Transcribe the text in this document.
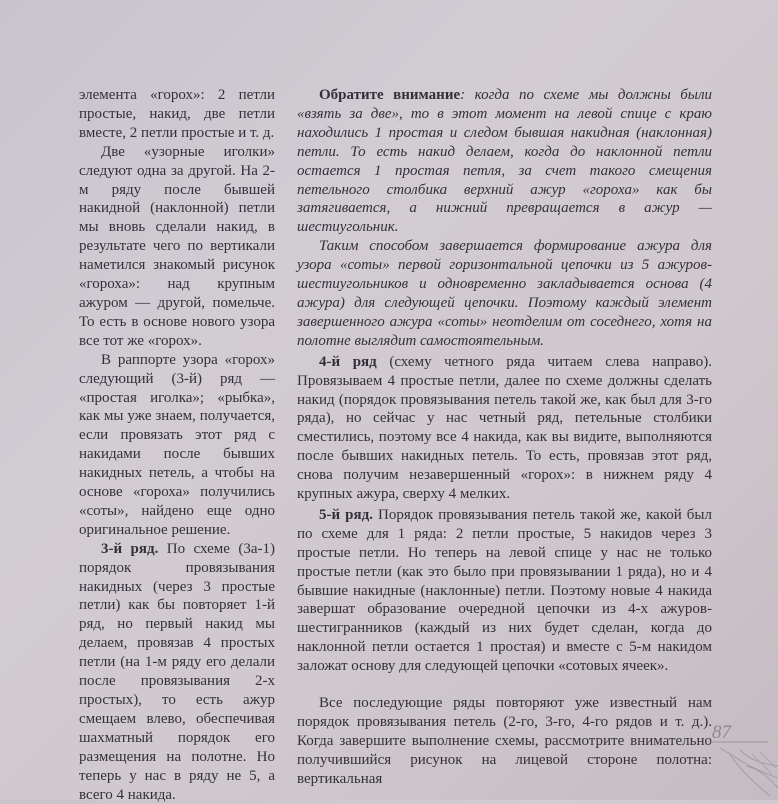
элемента «горох»: 2 петли простые, накид, две петли вместе, 2 петли простые и т. д.

Две «узорные иголки» следуют одна за другой. На 2-м ряду после бывшей накидной (наклонной) петли мы вновь сделали накид, в результате чего по вертикали наметился знакомый рисунок «гороха»: над крупным ажуром — другой, помельче. То есть в основе нового узора все тот же «горох».

В раппорте узора «горох» следующий (3-й) ряд — «простая иголка»; «рыбка», как мы уже знаем, получается, если провязать этот ряд с накидами после бывших накидных петель, а чтобы на основе «гороха» получились «соты», найдено еще одно оригинальное решение.

3-й ряд. По схеме (3а-1) порядок провязывания накидных (через 3 простые петли) как бы повторяет 1-й ряд, но первый накид мы делаем, провязав 4 простых петли (на 1-м ряду его делали после провязывания 2-х простых), то есть ажур смещаем влево, обеспечивая шахматный порядок его размещения на полотне. Но теперь у нас в ряду не 5, а всего 4 накида.

Обратите внимание: когда по схеме мы должны были «взять за две», то в этот момент на левой спице с краю находились 1 простая и следом бывшая накидная (наклонная) петли. То есть накид делаем, когда до наклонной петли остается 1 простая петля, за счет такого смещения петельного столбика верхний ажур «гороха» как бы затягивается, а нижний превращается в ажур — шестиугольник.

Таким способом завершается формирование ажура для узора «соты» первой горизонтальной цепочки из 5 ажуров-шестиугольников и одновременно закладывается основа (4 ажура) для следующей цепочки. Поэтому каждый элемент завершенного ажура «соты» неотделим от соседнего, хотя на полотне выглядит самостоятельным.

4-й ряд (схему четного ряда читаем слева направо). Провязываем 4 простые петли, далее по схеме должны сделать накид (порядок провязывания петель такой же, как был для 3-го ряда), но сейчас у нас четный ряд, петельные столбики сместились, поэтому все 4 накида, как вы видите, выполняются после бывших накидных петель. То есть, провязав этот ряд, снова получим незавершенный «горох»: в нижнем ряду 4 крупных ажура, сверху 4 мелких.

5-й ряд. Порядок провязывания петель такой же, какой был по схеме для 1 ряда: 2 петли простые, 5 накидов через 3 простые петли. Но теперь на левой спице у нас не только простые петли (как это было при провязывании 1 ряда), но и 4 бывшие накидные (наклонные) петли. Поэтому новые 4 накида завершат образование очередной цепочки из 4-х ажуров-шестигранников (каждый из них будет сделан, когда до наклонной петли остается 1 простая) и вместе с 5-м накидом заложат основу для следующей цепочки «сотовых ячеек».

Все последующие ряды повторяют уже известный нам порядок провязывания петель (2-го, 3-го, 4-го рядов и т. д.). Когда завершите выполнение схемы, рассмотрите внимательно получившийся рисунок на лицевой стороне полотна: вертикальная

87
